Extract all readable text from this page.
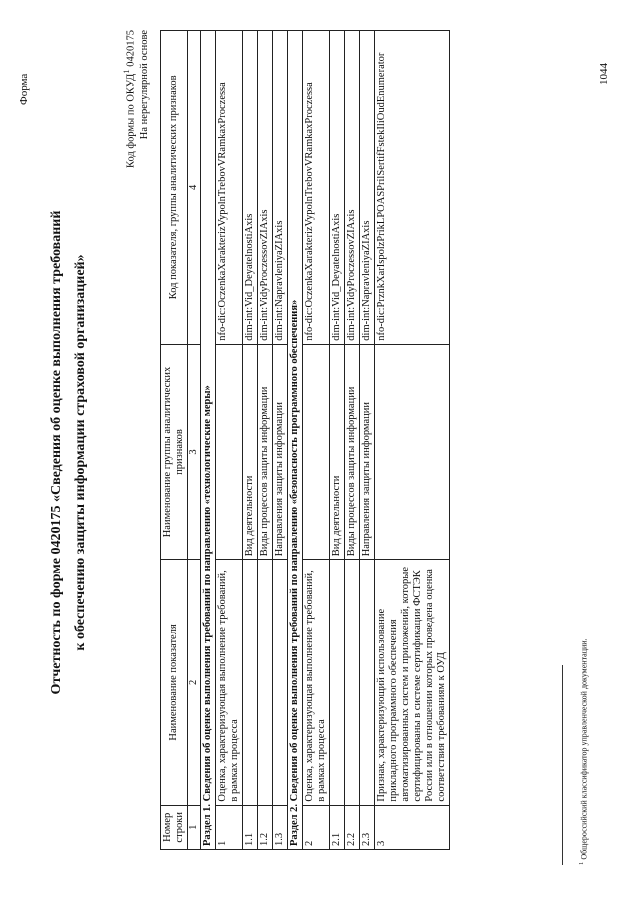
Форма
Отчетность по форме 0420175 «Сведения об оценке выполнения требований к обеспечению защиты информации страховой организацией»
Код формы по ОКУД$^1$ 0420175 На нерегулярной основе
Номер строки	Наименование показателя	Наименование группы аналитических признаков	Код показателя, группы аналитических признаков
1	2	3	4
Раздел 1. Сведения об оценке выполнения требований по направлению «технологические меры»			
1	Оценка, характеризующая выполнение требований, в рамках процесса		nfo-dic:OczenkaXarakterizVypolnTrebovVRamkaxProczessa
1.1		Вид деятельности	dim-int:Vid_DeyatelnostiAxis
1.2		Виды процессов защиты информации	dim-int:VidyProczessovZIAxis
1.3		Направления защиты информации	dim-int:NapravleniyaZIAxis
Раздел 2. Сведения об оценке выполнения требований по направлению «безопасность программного обеспечения»			
2	Оценка, характеризующая выполнение требований, в рамках процесса		nfo-dic:OczenkaXarakterizVypolnTrebovVRamkaxProczessa
2.1		Вид деятельности	dim-int:Vid_DeyatelnostiAxis
2.2		Виды процессов защиты информации	dim-int:VidyProczessovZIAxis
2.3		Направления защиты информации	dim-int:NapravleniyaZIAxis
3	Признак, характеризующий использование прикладного программного обеспечения автоматизированных систем и приложений, которые сертифицированы в системе сертификации ФСТЭК России или в отношении которых проведена оценка соответствия требованиям к ОУД		nfo-dic:PrznkXarIspolzPrikLPOASPrilSertifFstekIliOudEnumerator
$^1$ Общероссийский классификатор управленческой документации.
1044
